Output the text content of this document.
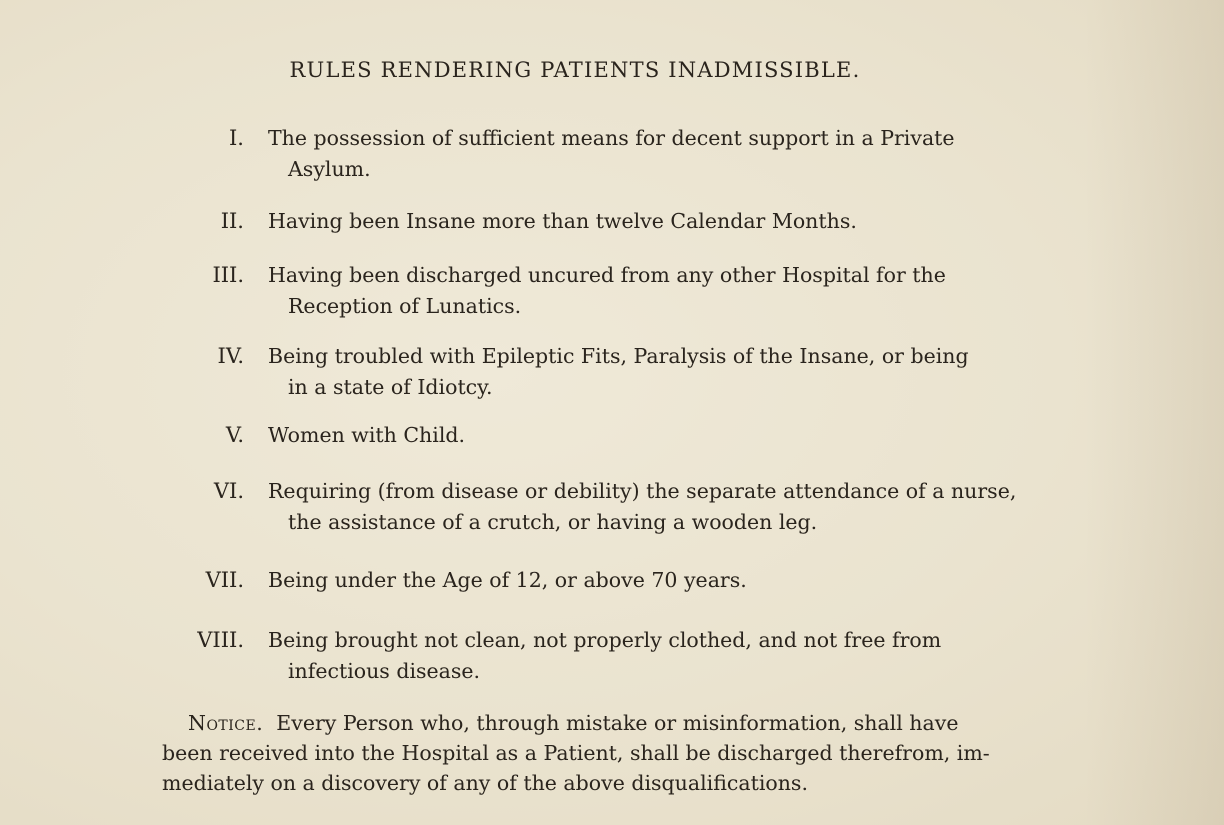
RULES RENDERING PATIENTS INADMISSIBLE.
I. The possession of sufficient means for decent support in a Private
Asylum.
II. Having been Insane more than twelve Calendar Months.
III. Having been discharged uncured from any other Hospital for the
Reception of Lunatics.
IV. Being troubled with Epileptic Fits, Paralysis of the Insane, or being
in a state of Idiotcy.
V. Women with Child.
VI. Requiring (from disease or debility) the separate attendance of a nurse,
the assistance of a crutch, or having a wooden leg.
VII. Being under the Age of 12, or above 70 years.
VIII. Being brought not clean, not properly clothed, and not free from
infectious disease.
Notice. Every Person who, through mistake or misinformation, shall have
been received into the Hospital as a Patient, shall be discharged therefrom, im-
mediately on a discovery of any of the above disqualifications.
